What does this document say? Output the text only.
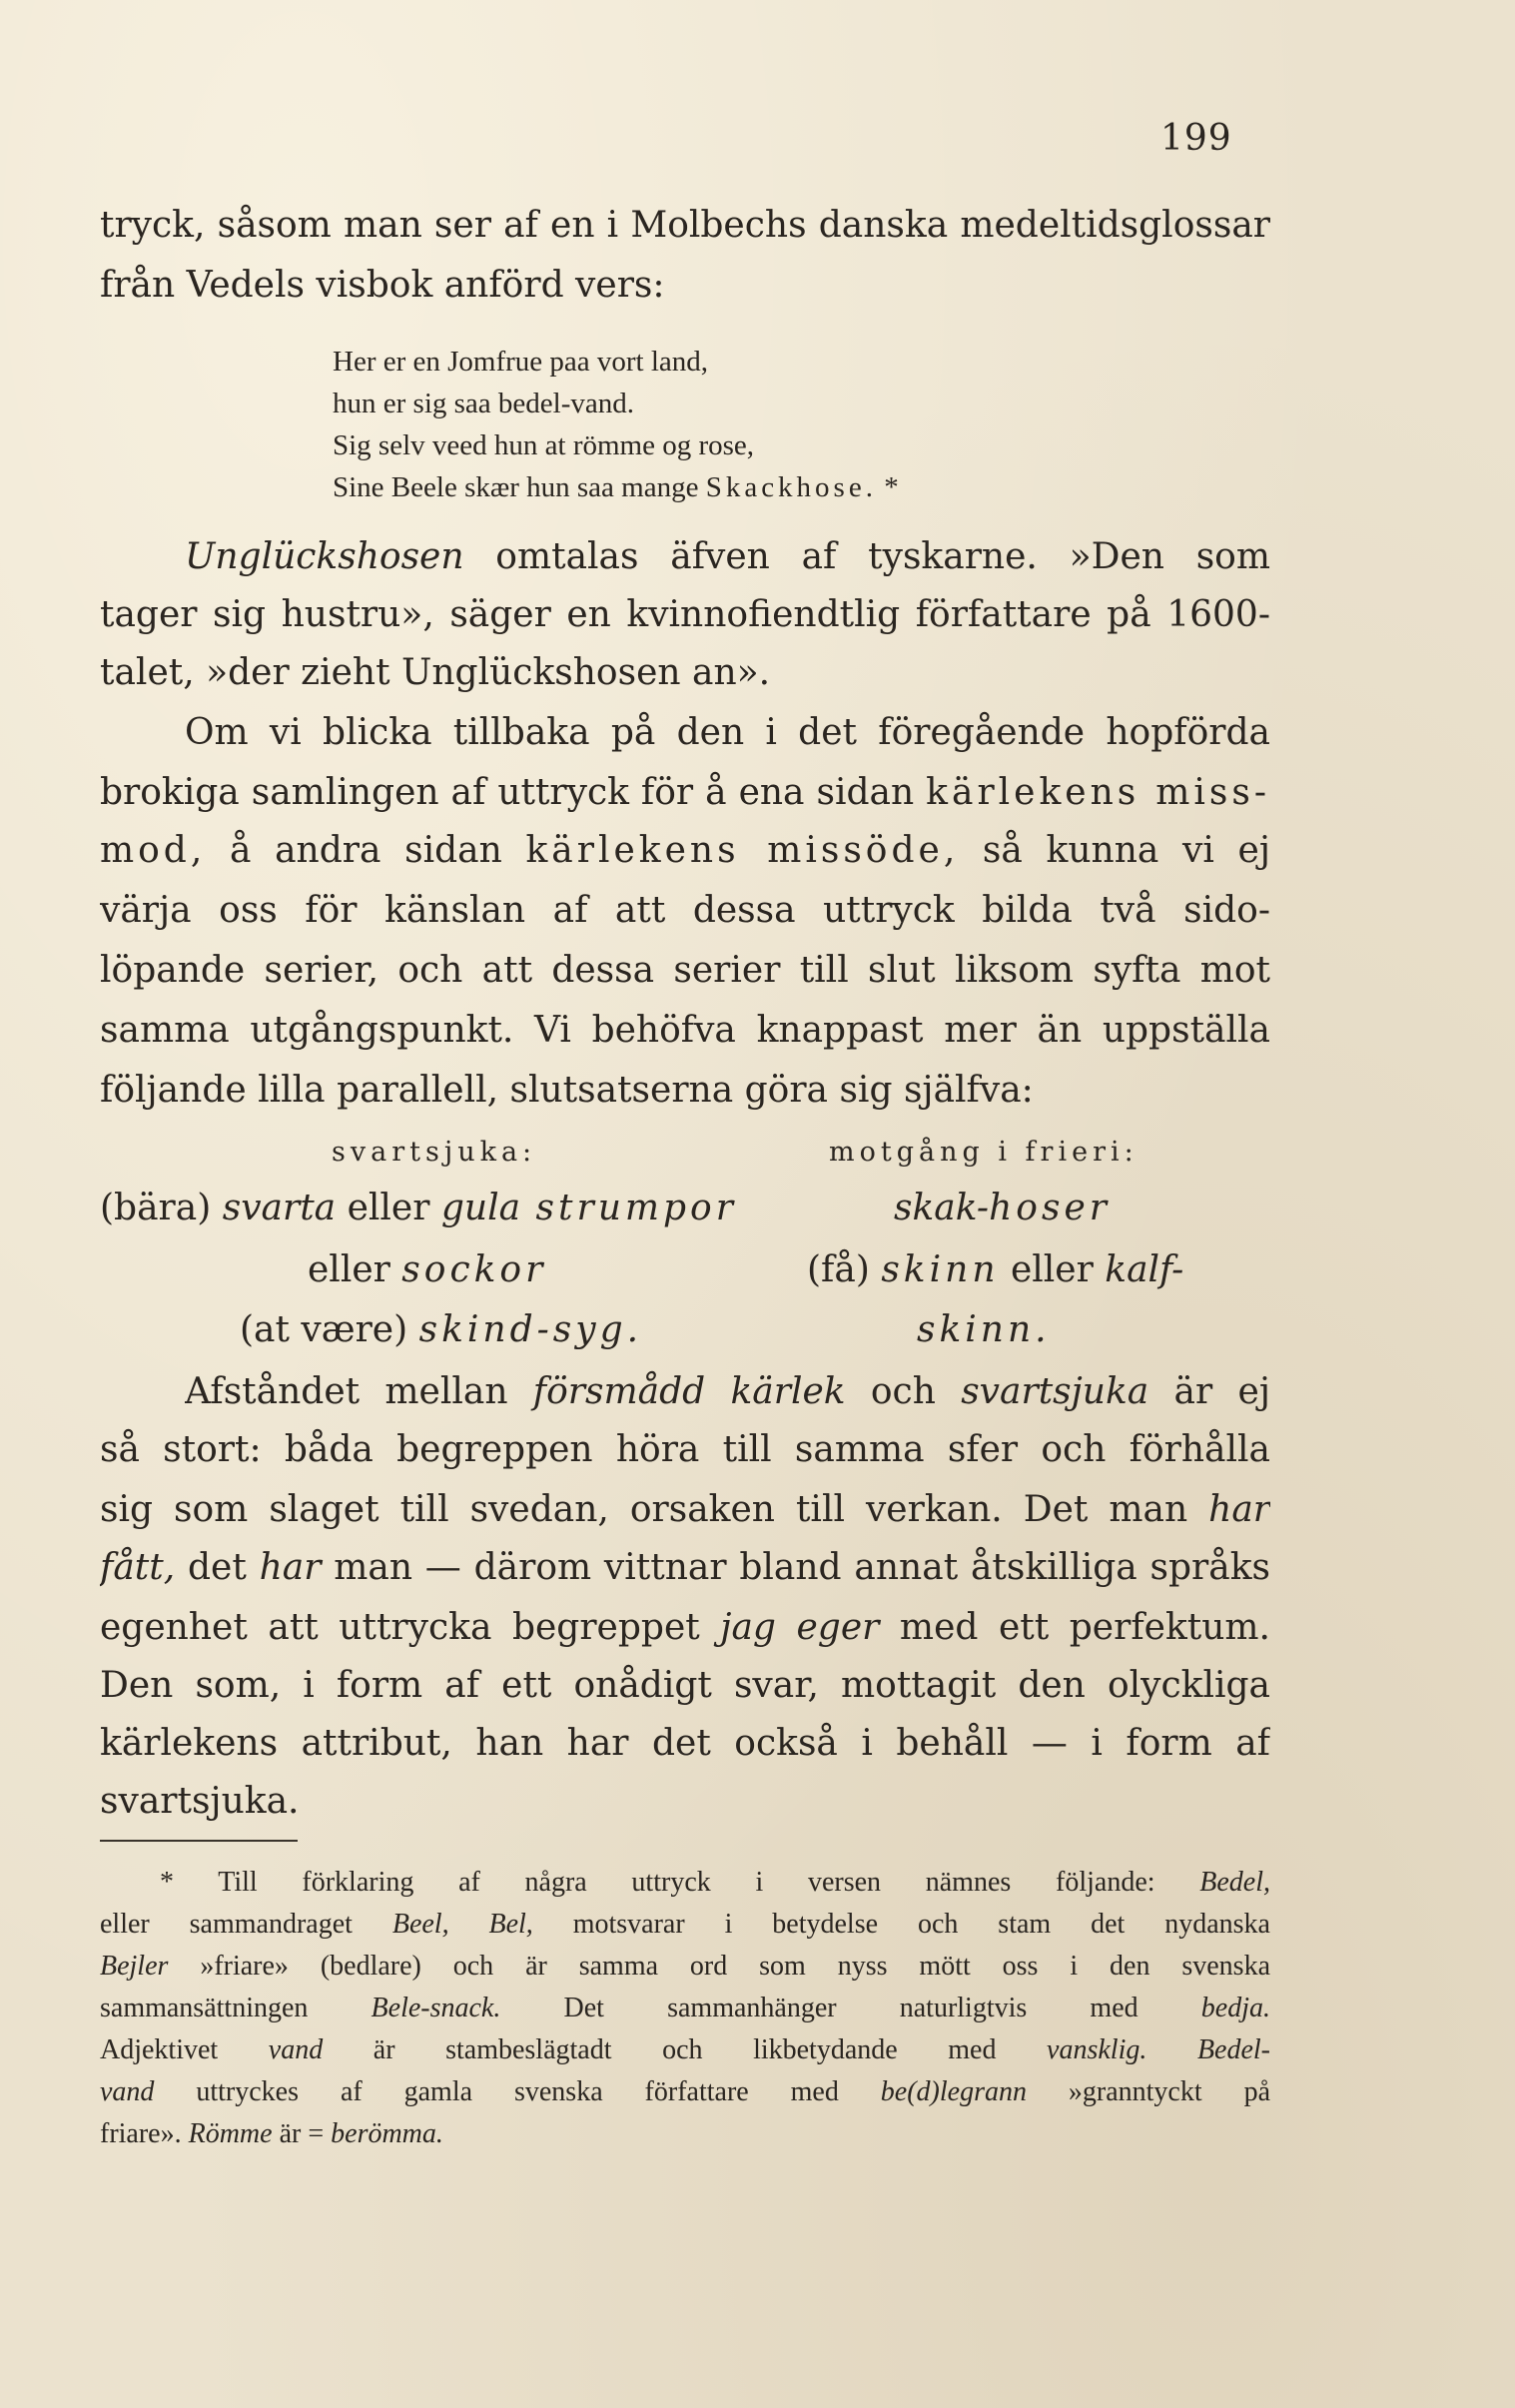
199
tryck, såsom man ser af en i Molbechs danska medeltidsglossar
från Vedels visbok anförd vers:
Her er en Jomfrue paa vort land,
hun er sig saa bedel-vand.
Sig selv veed hun at römme og rose,
Sine Beele skær hun saa mange Skackhose. *
Unglückshosen omtalas äfven af tyskarne. »Den som
tager sig hustru», säger en kvinnofiendtlig författare på 1600-
talet, »der zieht Unglückshosen an».
Om vi blicka tillbaka på den i det föregående hopförda
brokiga samlingen af uttryck för å ena sidan kärlekens miss-
mod, å andra sidan kärlekens missöde, så kunna vi ej
värja oss för känslan af att dessa uttryck bilda två sido-
löpande serier, och att dessa serier till slut liksom syfta mot
samma utgångspunkt. Vi behöfva knappast mer än uppställa
följande lilla parallell, slutsatserna göra sig själfva:
svartsjuka:	motgång i frieri:
(bära) svarta eller gula strumpor	skak-hoser
eller sockor	(få) skinn eller kalf-
(at være) skind-syg.	skinn.
Afståndet mellan försmådd kärlek och svartsjuka är ej
så stort: båda begreppen höra till samma sfer och förhålla
sig som slaget till svedan, orsaken till verkan. Det man har
fått, det har man — därom vittnar bland annat åtskilliga språks
egenhet att uttrycka begreppet jag eger med ett perfektum.
Den som, i form af ett onådigt svar, mottagit den olyckliga
kärlekens attribut, han har det också i behåll — i form af
svartsjuka.
* Till förklaring af några uttryck i versen nämnes följande: Bedel,
eller sammandraget Beel, Bel, motsvarar i betydelse och stam det nydanska
Bejler »friare» (bedlare) och är samma ord som nyss mött oss i den svenska
sammansättningen Bele-snack. Det sammanhänger naturligtvis med bedja.
Adjektivet vand är stambeslägtadt och likbetydande med vansklig. Bedel-
vand uttryckes af gamla svenska författare med be(d)legrann »granntyckt på
friare». Römme är = berömma.
